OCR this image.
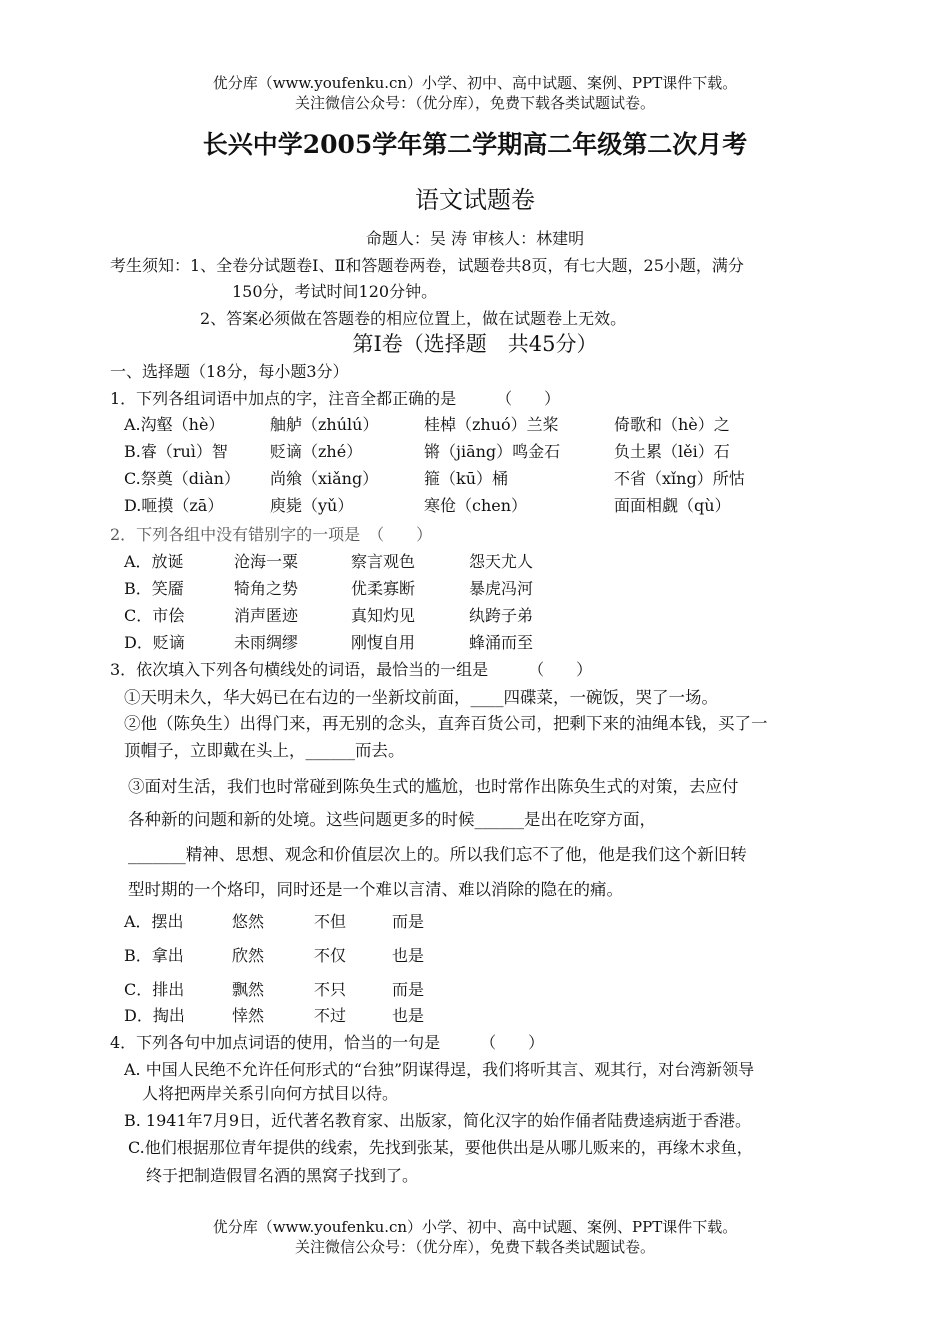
优分库（www.youfenku.cn）小学、初中、高中试题、案例、PPT课件下载。
关注微信公众号：（优分库），免费下载各类试题试卷。
长兴中学2005学年第二学期高二年级第二次月考
语文试题卷
命题人：吴 涛 审核人：林建明
考生须知：1、全卷分试题卷Ⅰ、Ⅱ和答题卷两卷，试题卷共8页，有七大题，25小题，满分
150分，考试时间120分钟。
2、答案必须做在答题卷的相应位置上，做在试题卷上无效。
第Ⅰ卷（选择题　共45分）
一、选择题（18分，每小题3分）
1．下列各组词语中加点的字，注音全都正确的是　　　（　　）
A.沟壑（hè）	舳舻（zhúlú）	桂棹（zhuó）兰桨	倚歌和（hè）之
B.睿（ruì）智	贬谪（zhé）	锵（jiāng）鸣金石	负土累（lěi）石
C.祭奠（diàn） 尚飨（xiǎng）	箍（kū）桶	不省（xǐng）所怙
D.咂摸（zā）	庾毙（yǔ）	寒伧（chen）	面面相觑（qù）
2．下列各组中没有错别字的一项是　（　　）
A．放诞	沧海一粟	察言观色	怨天尤人
B．笑靥	犄角之势	优柔寡断	暴虎冯河
C．市侩	消声匿迹	真知灼见	纨跨子弟
D．贬谪	未雨绸缪	刚愎自用	蜂涌而至
3．依次填入下列各句横线处的词语，最恰当的一组是　　　（　　）
①天明未久，华大妈已在右边的一坐新坟前面，____四碟菜，一碗饭，哭了一场。
②他（陈奂生）出得门来，再无别的念头，直奔百货公司，把剩下来的油绳本钱，买了一
顶帽子，立即戴在头上，______而去。
③面对生活，我们也时常碰到陈奂生式的尴尬，也时常作出陈奂生式的对策，去应付
各种新的问题和新的处境。这些问题更多的时候______是出在吃穿方面，
_______精神、思想、观念和价值层次上的。所以我们忘不了他，他是我们这个新旧转
型时期的一个烙印，同时还是一个难以言清、难以消除的隐在的痛。
A．摆出	悠然	不但	而是
B．拿出	欣然	不仅	也是
C．排出	飘然	不只	而是
D．掏出	悻然	不过	也是
4．下列各句中加点词语的使用，恰当的一句是　　　（　　）
A. 中国人民绝不允许任何形式的“台独”阴谋得逞，我们将听其言、观其行，对台湾新领导
人将把两岸关系引向何方拭目以待。
B. 1941年7月9日，近代著名教育家、出版家，简化汉字的始作俑者陆费逵病逝于香港。
C.他们根据那位青年提供的线索，先找到张某，要他供出是从哪儿贩来的，再缘木求鱼，
终于把制造假冒名酒的黑窝子找到了。
优分库（www.youfenku.cn）小学、初中、高中试题、案例、PPT课件下载。
关注微信公众号：（优分库），免费下载各类试题试卷。
